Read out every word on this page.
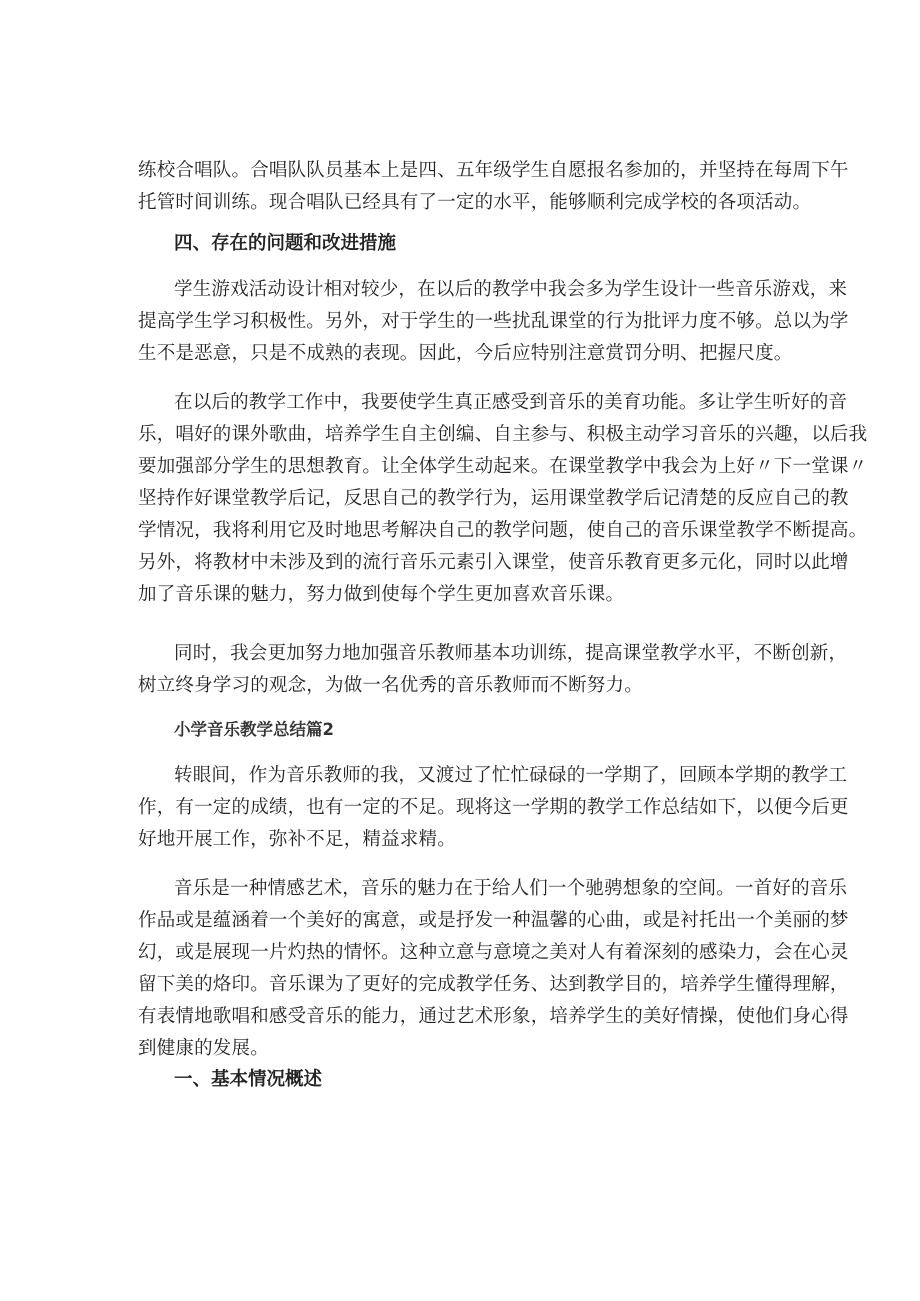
练校合唱队。合唱队队员基本上是四、五年级学生自愿报名参加的，并坚持在每周下午
托管时间训练。现合唱队已经具有了一定的水平，能够顺利完成学校的各项活动。

四、存在的问题和改进措施

学生游戏活动设计相对较少，在以后的教学中我会多为学生设计一些音乐游戏，来
提高学生学习积极性。另外，对于学生的一些扰乱课堂的行为批评力度不够。总以为学
生不是恶意，只是不成熟的表现。因此，今后应特别注意赏罚分明、把握尺度。

在以后的教学工作中，我要使学生真正感受到音乐的美育功能。多让学生听好的音
乐，唱好的课外歌曲，培养学生自主创编、自主参与、积极主动学习音乐的兴趣，以后我
要加强部分学生的思想教育。让全体学生动起来。在课堂教学中我会为上好〃下一堂课〃
坚持作好课堂教学后记，反思自己的教学行为，运用课堂教学后记清楚的反应自己的教
学情况，我将利用它及时地思考解决自己的教学问题，使自己的音乐课堂教学不断提高。
另外，将教材中未涉及到的流行音乐元素引入课堂，使音乐教育更多元化，同时以此增
加了音乐课的魅力，努力做到使每个学生更加喜欢音乐课。

同时，我会更加努力地加强音乐教师基本功训练，提高课堂教学水平，不断创新，
树立终身学习的观念，为做一名优秀的音乐教师而不断努力。

小学音乐教学总结篇2

转眼间，作为音乐教师的我，又渡过了忙忙碌碌的一学期了，回顾本学期的教学工
作，有一定的成绩，也有一定的不足。现将这一学期的教学工作总结如下，以便今后更
好地开展工作，弥补不足，精益求精。

音乐是一种情感艺术，音乐的魅力在于给人们一个驰骋想象的空间。一首好的音乐
作品或是蕴涵着一个美好的寓意，或是抒发一种温馨的心曲，或是衬托出一个美丽的梦
幻，或是展现一片灼热的情怀。这种立意与意境之美对人有着深刻的感染力，会在心灵
留下美的烙印。音乐课为了更好的完成教学任务、达到教学目的，培养学生懂得理解，
有表情地歌唱和感受音乐的能力，通过艺术形象，培养学生的美好情操，使他们身心得
到健康的发展。

一、基本情况概述
